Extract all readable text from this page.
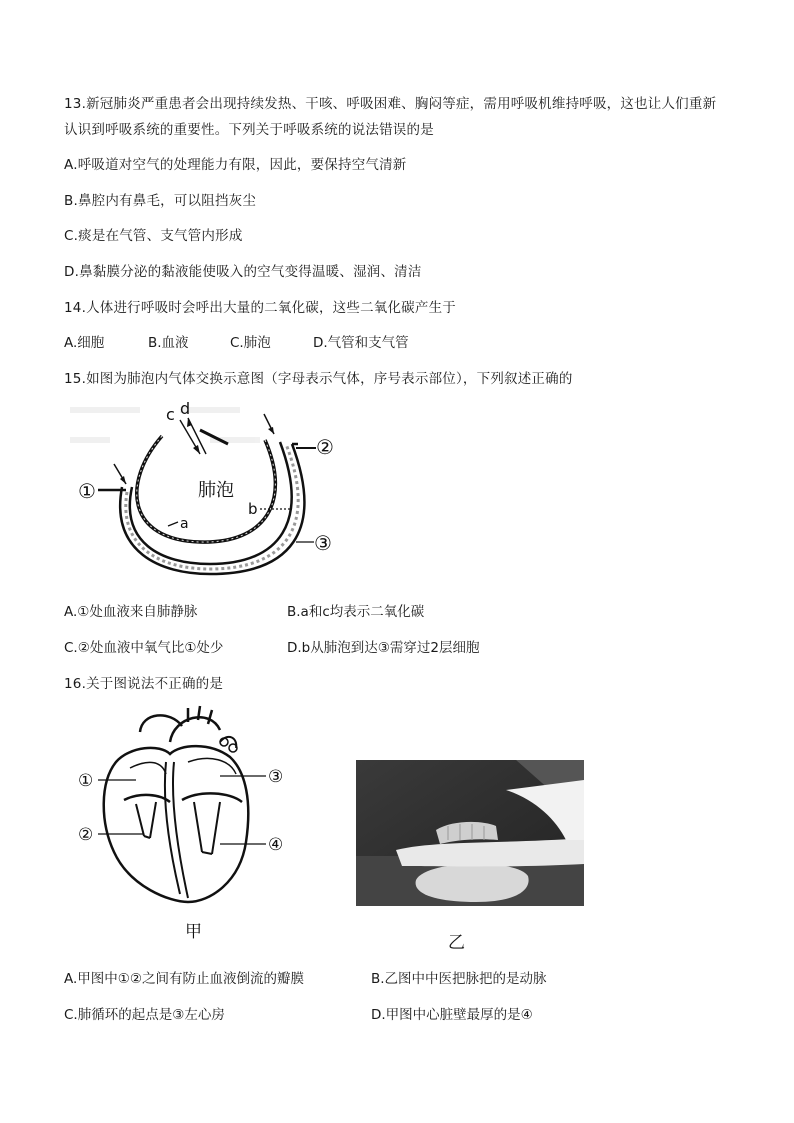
13.新冠肺炎严重患者会出现持续发热、干咳、呼吸困难、胸闷等症，需用呼吸机维持呼吸，这也让人们重新
认识到呼吸系统的重要性。下列关于呼吸系统的说法错误的是
A.呼吸道对空气的处理能力有限，因此，要保持空气清新
B.鼻腔内有鼻毛，可以阻挡灰尘
C.痰是在气管、支气管内形成
D.鼻黏膜分泌的黏液能使吸入的空气变得温暖、湿润、清洁
14.人体进行呼吸时会呼出大量的二氧化碳，这些二氧化碳产生于
A.细胞	B.血液	C.肺泡	D.气管和支气管
15.如图为肺泡内气体交换示意图（字母表示气体，序号表示部位），下列叙述正确的
c d
肺泡
a
b
①
②
③
A.①处血液来自肺静脉	B.a和c均表示二氧化碳
C.②处血液中氧气比①处少	D.b从肺泡到达③需穿过2层细胞
16.关于图说法不正确的是
①
②
③
④
甲
乙
A.甲图中①②之间有防止血液倒流的瓣膜	B.乙图中中医把脉把的是动脉
C.肺循环的起点是③左心房	D.甲图中心脏壁最厚的是④
